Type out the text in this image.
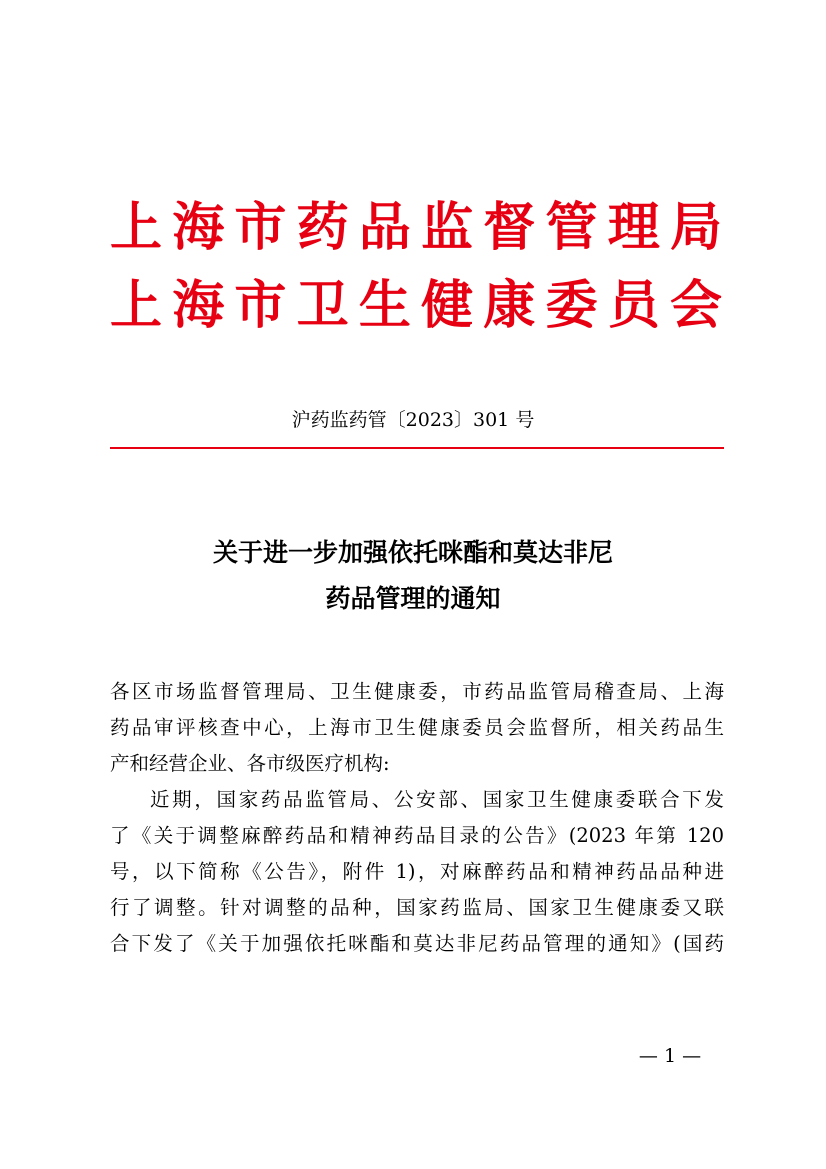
上 海 市 药 品 监 督 管 理 局
上 海 市 卫 生 健 康 委 员 会
沪药监药管〔2023〕301 号
关于进一步加强依托咪酯和莫达非尼
药品管理的通知
各区市场监督管理局、卫生健康委，市药品监管局稽查局、上海
药品审评核查中心，上海市卫生健康委员会监督所，相关药品生
产和经营企业、各市级医疗机构:
近期，国家药品监管局、公安部、国家卫生健康委联合下发
了《关于调整麻醉药品和精神药品目录的公告》(2023 年第 120
号，以下简称《公告》，附件 1)，对麻醉药品和精神药品品种进
行了调整。针对调整的品种，国家药监局、国家卫生健康委又联
合下发了《关于加强依托咪酯和莫达非尼药品管理的通知》(国药
— 1 —
